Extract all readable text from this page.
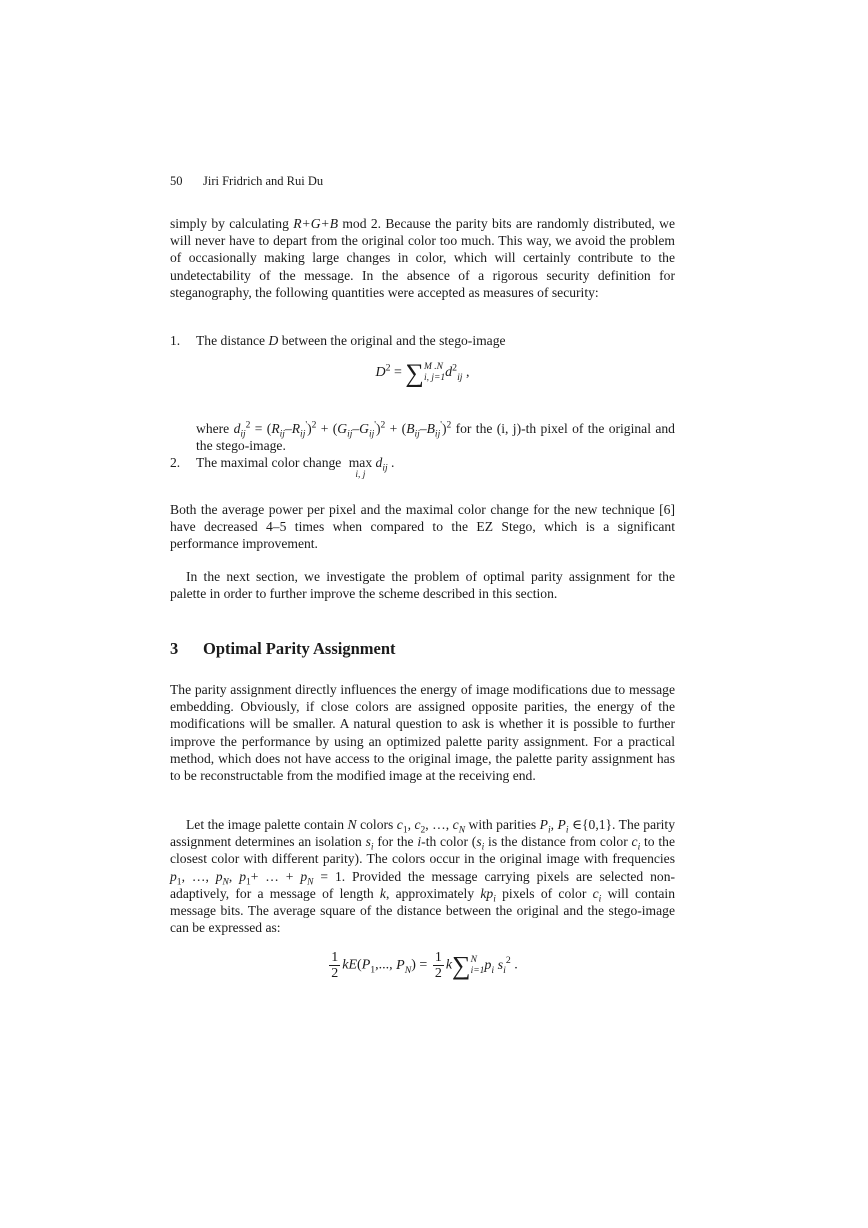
50 Jiri Fridrich and Rui Du

simply by calculating R+G+B mod 2. Because the parity bits are randomly distributed, we will never have to depart from the original color too much. This way, we avoid the problem of occasionally making large changes in color, which will certainly contribute to the undetectability of the message. In the absence of a rigorous security definition for steganography, the following quantities were accepted as measures of security:

1. The distance D between the original and the stego-image
$D^2$ = ∑ M .N
i, j=1 $d^2_{ij}$ ,
where $d_{ij}^2 = (R_{ij}-R_{ij}')^2 + (G_{ij}-G_{ij}')^2 + (B_{ij}-B_{ij}')^2$ for the (i, j)-th pixel of the original and the stego-image.
2. The maximal color change max
i, j
$d_{ij}$ .

Both the average power per pixel and the maximal color change for the new technique [6] have decreased 4–5 times when compared to the EZ Stego, which is a significant performance improvement.

In the next section, we investigate the problem of optimal parity assignment for the palette in order to further improve the scheme described in this section.

3 Optimal Parity Assignment

The parity assignment directly influences the energy of image modifications due to message embedding. Obviously, if close colors are assigned opposite parities, the energy of the modifications will be smaller. A natural question to ask is whether it is possible to further improve the performance by using an optimized palette parity assignment. For a practical method, which does not have access to the original image, the palette parity assignment has to be reconstructable from the modified image at the receiving end.

Let the image palette contain N colors $c_1$, $c_2$, …, $c_N$ with parities $P_i$, $P_i$ ∈{0,1}. The parity assignment determines an isolation $s_i$ for the i-th color ($s_i$ is the distance from color $c_i$ to the closest color with different parity). The colors occur in the original image with frequencies $p_1$, …, $p_N$, $p_1+$ … + $p_N = 1$. Provided the message carrying pixels are selected non-adaptively, for a message of length k, approximately $kp_i$ pixels of color $c_i$ will contain message bits. The average square of the distance between the original and the stego-image can be expressed as:

$\frac{1}{2} kE(P_1$,..., $P_N) = \frac{1}{2} k\sum$ N
i=1 $p_i$ $s_i^2$ .
